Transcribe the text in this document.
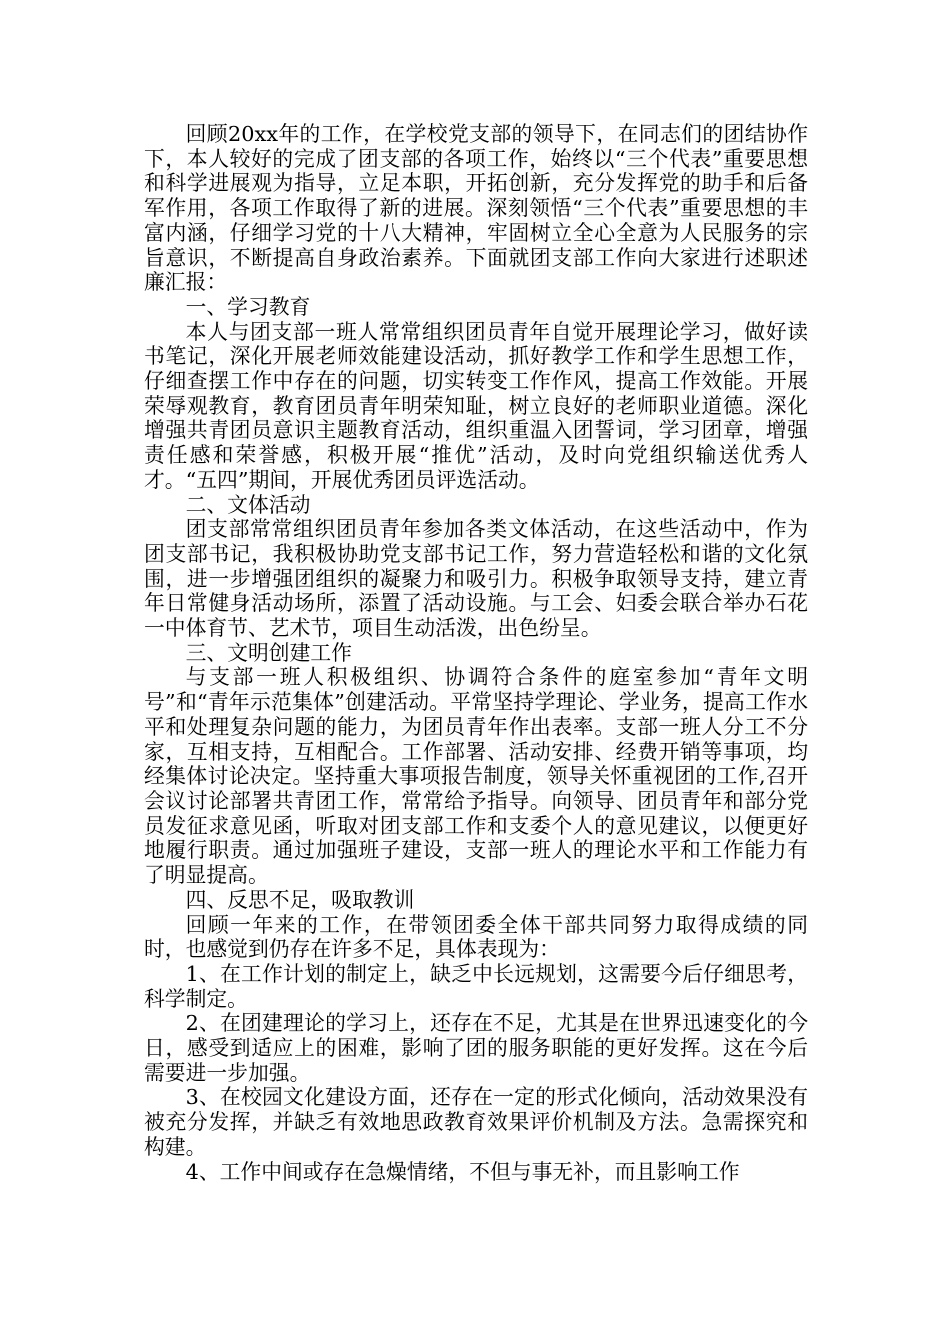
回顾20xx年的工作，在学校党支部的领导下，在同志们的团结协作下，本人较好的完成了团支部的各项工作，始终以“三个代表”重要思想和科学进展观为指导，立足本职，开拓创新，充分发挥党的助手和后备军作用，各项工作取得了新的进展。深刻领悟“三个代表”重要思想的丰富内涵，仔细学习党的十八大精神，牢固树立全心全意为人民服务的宗旨意识，不断提高自身政治素养。下面就团支部工作向大家进行述职述廉汇报：

一、学习教育

本人与团支部一班人常常组织团员青年自觉开展理论学习，做好读书笔记，深化开展老师效能建设活动，抓好教学工作和学生思想工作，仔细查摆工作中存在的问题，切实转变工作作风，提高工作效能。开展荣辱观教育，教育团员青年明荣知耻，树立良好的老师职业道德。深化增强共青团员意识主题教育活动，组织重温入团誓词，学习团章，增强责任感和荣誉感，积极开展“推优”活动，及时向党组织输送优秀人才。“五四”期间，开展优秀团员评选活动。

二、文体活动

团支部常常组织团员青年参加各类文体活动，在这些活动中，作为团支部书记，我积极协助党支部书记工作，努力营造轻松和谐的文化氛围，进一步增强团组织的凝聚力和吸引力。积极争取领导支持，建立青年日常健身活动场所，添置了活动设施。与工会、妇委会联合举办石花一中体育节、艺术节，项目生动活泼，出色纷呈。

三、文明创建工作

与支部一班人积极组织、协调符合条件的庭室参加“青年文明号”和“青年示范集体”创建活动。平常坚持学理论、学业务，提高工作水平和处理复杂问题的能力，为团员青年作出表率。支部一班人分工不分家，互相支持，互相配合。工作部署、活动安排、经费开销等事项，均经集体讨论决定。坚持重大事项报告制度，领导关怀重视团的工作,召开会议讨论部署共青团工作，常常给予指导。向领导、团员青年和部分党员发征求意见函，听取对团支部工作和支委个人的意见建议，以便更好地履行职责。通过加强班子建设，支部一班人的理论水平和工作能力有了明显提高。

四、反思不足，吸取教训

回顾一年来的工作，在带领团委全体干部共同努力取得成绩的同时，也感觉到仍存在许多不足，具体表现为：

1、在工作计划的制定上，缺乏中长远规划，这需要今后仔细思考，科学制定。

2、在团建理论的学习上，还存在不足，尤其是在世界迅速变化的今日，感受到适应上的困难，影响了团的服务职能的更好发挥。这在今后需要进一步加强。

3、在校园文化建设方面，还存在一定的形式化倾向，活动效果没有被充分发挥，并缺乏有效地思政教育效果评价机制及方法。急需探究和构建。

4、工作中间或存在急燥情绪，不但与事无补，而且影响工作
